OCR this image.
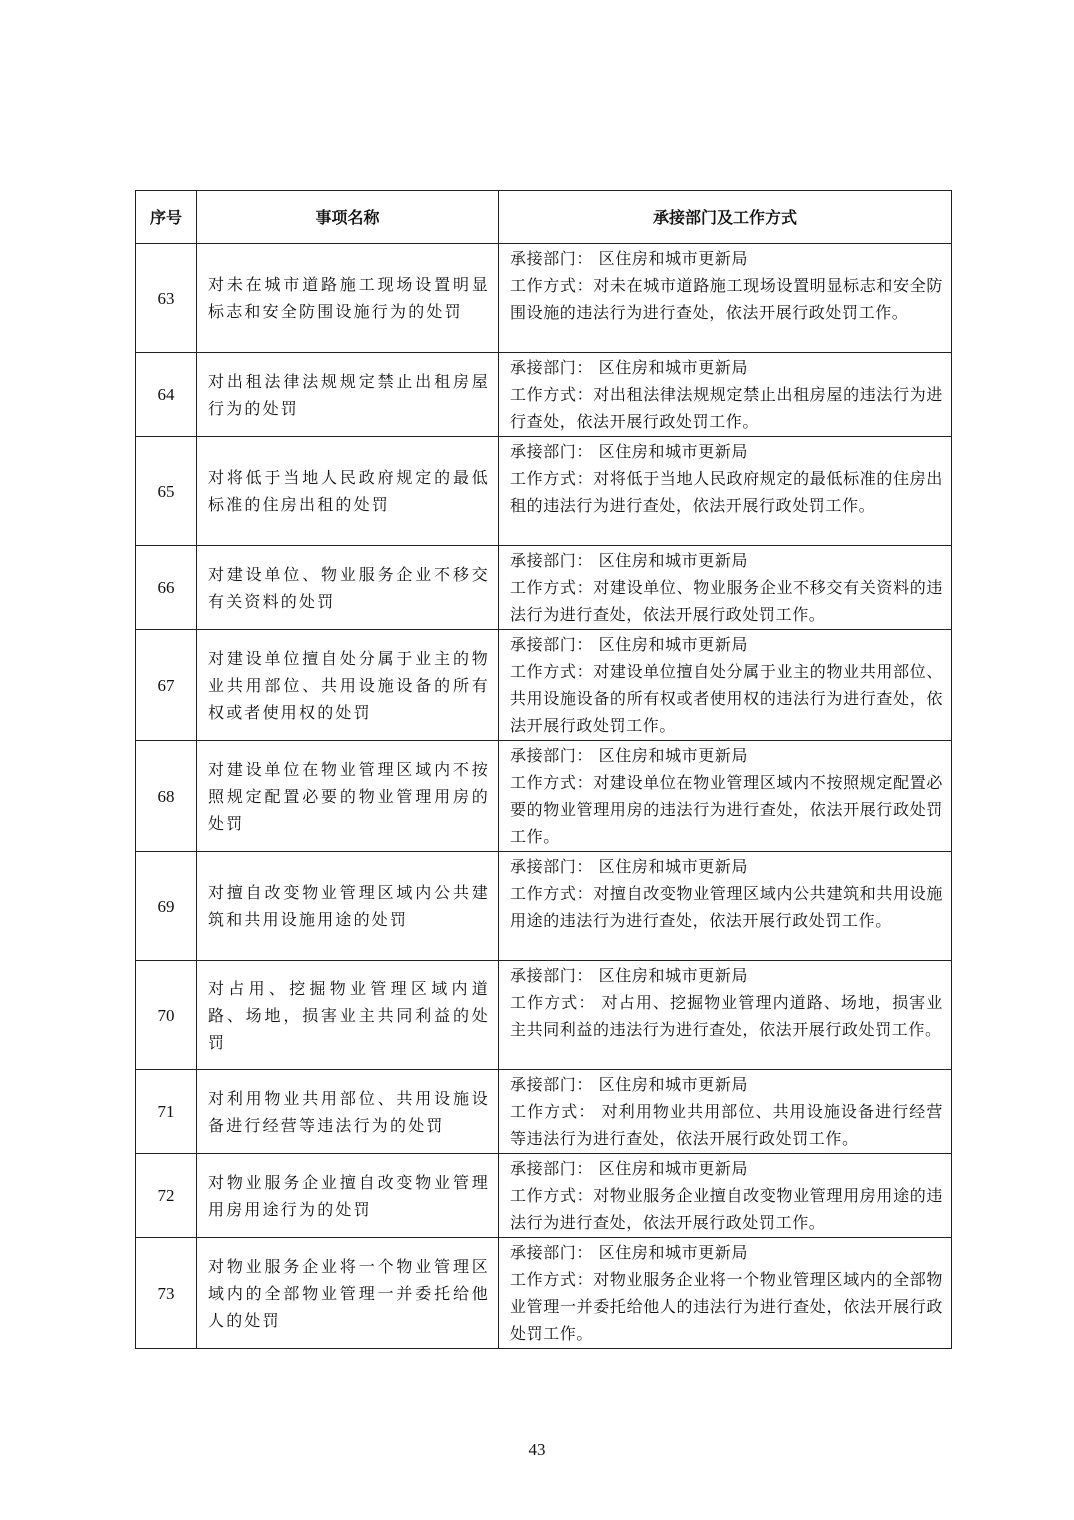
序号	事项名称	承接部门及工作方式
63	对未在城市道路施工现场设置明显标志和安全防围设施行为的处罚	承接部门： 区住房和城市更新局
工作方式：对未在城市道路施工现场设置明显标志和安全防围设施的违法行为进行查处，依法开展行政处罚工作。

64	对出租法律法规规定禁止出租房屋行为的处罚	承接部门： 区住房和城市更新局
工作方式：对出租法律法规规定禁止出租房屋的违法行为进行查处，依法开展行政处罚工作。

65	对将低于当地人民政府规定的最低标准的住房出租的处罚	承接部门： 区住房和城市更新局
工作方式：对将低于当地人民政府规定的最低标准的住房出租的违法行为进行查处，依法开展行政处罚工作。

66	对建设单位、物业服务企业不移交有关资料的处罚	承接部门： 区住房和城市更新局
工作方式：对建设单位、物业服务企业不移交有关资料的违法行为进行查处，依法开展行政处罚工作。

67	对建设单位擅自处分属于业主的物业共用部位、共用设施设备的所有权或者使用权的处罚	承接部门： 区住房和城市更新局
工作方式：对建设单位擅自处分属于业主的物业共用部位、共用设施设备的所有权或者使用权的违法行为进行查处，依法开展行政处罚工作。

68	对建设单位在物业管理区域内不按照规定配置必要的物业管理用房的处罚	承接部门： 区住房和城市更新局
工作方式：对建设单位在物业管理区域内不按照规定配置必要的物业管理用房的违法行为进行查处，依法开展行政处罚工作。

69	对擅自改变物业管理区域内公共建筑和共用设施用途的处罚	承接部门： 区住房和城市更新局
工作方式：对擅自改变物业管理区域内公共建筑和共用设施用途的违法行为进行查处，依法开展行政处罚工作。

70	对占用、挖掘物业管理区域内道路、场地，损害业主共同利益的处罚	承接部门： 区住房和城市更新局
工作方式： 对占用、挖掘物业管理内道路、场地，损害业主共同利益的违法行为进行查处，依法开展行政处罚工作。

71	对利用物业共用部位、共用设施设备进行经营等违法行为的处罚	承接部门： 区住房和城市更新局
工作方式： 对利用物业共用部位、共用设施设备进行经营等违法行为进行查处，依法开展行政处罚工作。

72	对物业服务企业擅自改变物业管理用房用途行为的处罚	承接部门： 区住房和城市更新局
工作方式：对物业服务企业擅自改变物业管理用房用途的违法行为进行查处，依法开展行政处罚工作。

73	对物业服务企业将一个物业管理区域内的全部物业管理一并委托给他人的处罚	承接部门： 区住房和城市更新局
工作方式：对物业服务企业将一个物业管理区域内的全部物业管理一并委托给他人的违法行为进行查处，依法开展行政处罚工作。
43
